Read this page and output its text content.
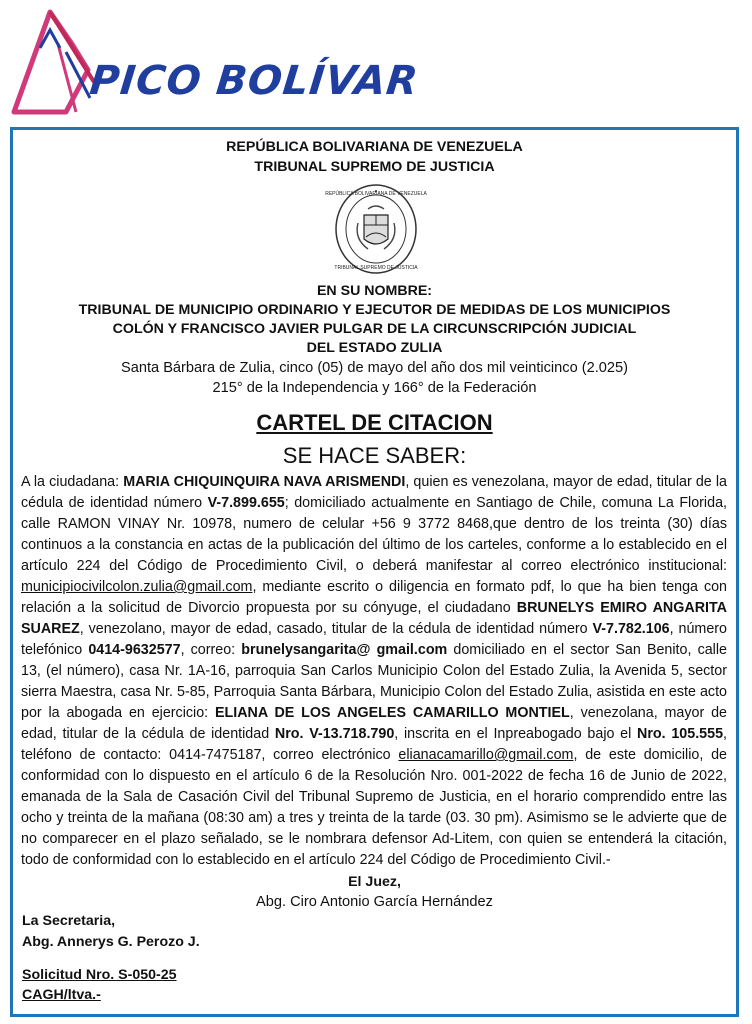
PICO BOLÍVAR
REPÚBLICA BOLIVARIANA DE VENEZUELA
TRIBUNAL SUPREMO DE JUSTICIA
TRIBUNAL SUPREMO DE JUSTICIA
REPÚBLICA BOLIVARIANA DE VENEZUELA
EN SU NOMBRE:
TRIBUNAL DE MUNICIPIO ORDINARIO Y EJECUTOR DE MEDIDAS DE LOS MUNICIPIOS
COLÓN Y FRANCISCO JAVIER PULGAR DE LA CIRCUNSCRIPCIÓN JUDICIAL
DEL ESTADO ZULIA
Santa Bárbara de Zulia, cinco (05) de mayo del año dos mil veinticinco (2.025)
215° de la Independencia y 166° de la Federación
CARTEL DE CITACION
SE HACE SABER:
A la ciudadana: MARIA CHIQUINQUIRA NAVA ARISMENDI, quien es venezolana, mayor de edad, titular de la cédula de identidad número V-7.899.655; domiciliado actualmente en Santiago de Chile, comuna La Florida, calle RAMON VINAY Nr. 10978, numero de celular +56 9 3772 8468,que dentro de los treinta (30) días continuos a la constancia en actas de la publicación del último de los carteles, conforme a lo establecido en el artículo 224 del Código de Procedimiento Civil, o deberá manifestar al correo electrónico institucional: municipiocivilcolon.zulia@gmail.com, mediante escrito o diligencia en formato pdf, lo que ha bien tenga con relación a la solicitud de Divorcio propuesta por su cónyuge, el ciudadano BRUNELYS EMIRO ANGARITA SUAREZ, venezolano, mayor de edad, casado, titular de la cédula de identidad número V-7.782.106, número telefónico 0414-9632577, correo: brunelysangarita@ gmail.com domiciliado en el sector San Benito, calle 13, (el número), casa Nr. 1A-16, parroquia San Carlos Municipio Colon del Estado Zulia, la Avenida 5, sector sierra Maestra, casa Nr. 5-85, Parroquia Santa Bárbara, Municipio Colon del Estado Zulia, asistida en este acto por la abogada en ejercicio: ELIANA DE LOS ANGELES CAMARILLO MONTIEL, venezolana, mayor de edad, titular de la cédula de identidad Nro. V-13.718.790, inscrita en el Inpreabogado bajo el Nro. 105.555, teléfono de contacto: 0414-7475187, correo electrónico elianacamarillo@gmail.com, de este domicilio, de conformidad con lo dispuesto en el artículo 6 de la Resolución Nro. 001-2022 de fecha 16 de Junio de 2022, emanada de la Sala de Casación Civil del Tribunal Supremo de Justicia, en el horario comprendido entre las ocho y treinta de la mañana (08:30 am) a tres y treinta de la tarde (03. 30 pm). Asimismo se le advierte que de no comparecer en el plazo señalado, se le nombrara defensor Ad-Litem, con quien se entenderá la citación, todo de conformidad con lo establecido en el artículo 224 del Código de Procedimiento Civil.-
El Juez,
Abg. Ciro Antonio García Hernández
La Secretaria,
Abg. Annerys G. Perozo J.
Solicitud Nro. S-050-25
CAGH/ltva.-
